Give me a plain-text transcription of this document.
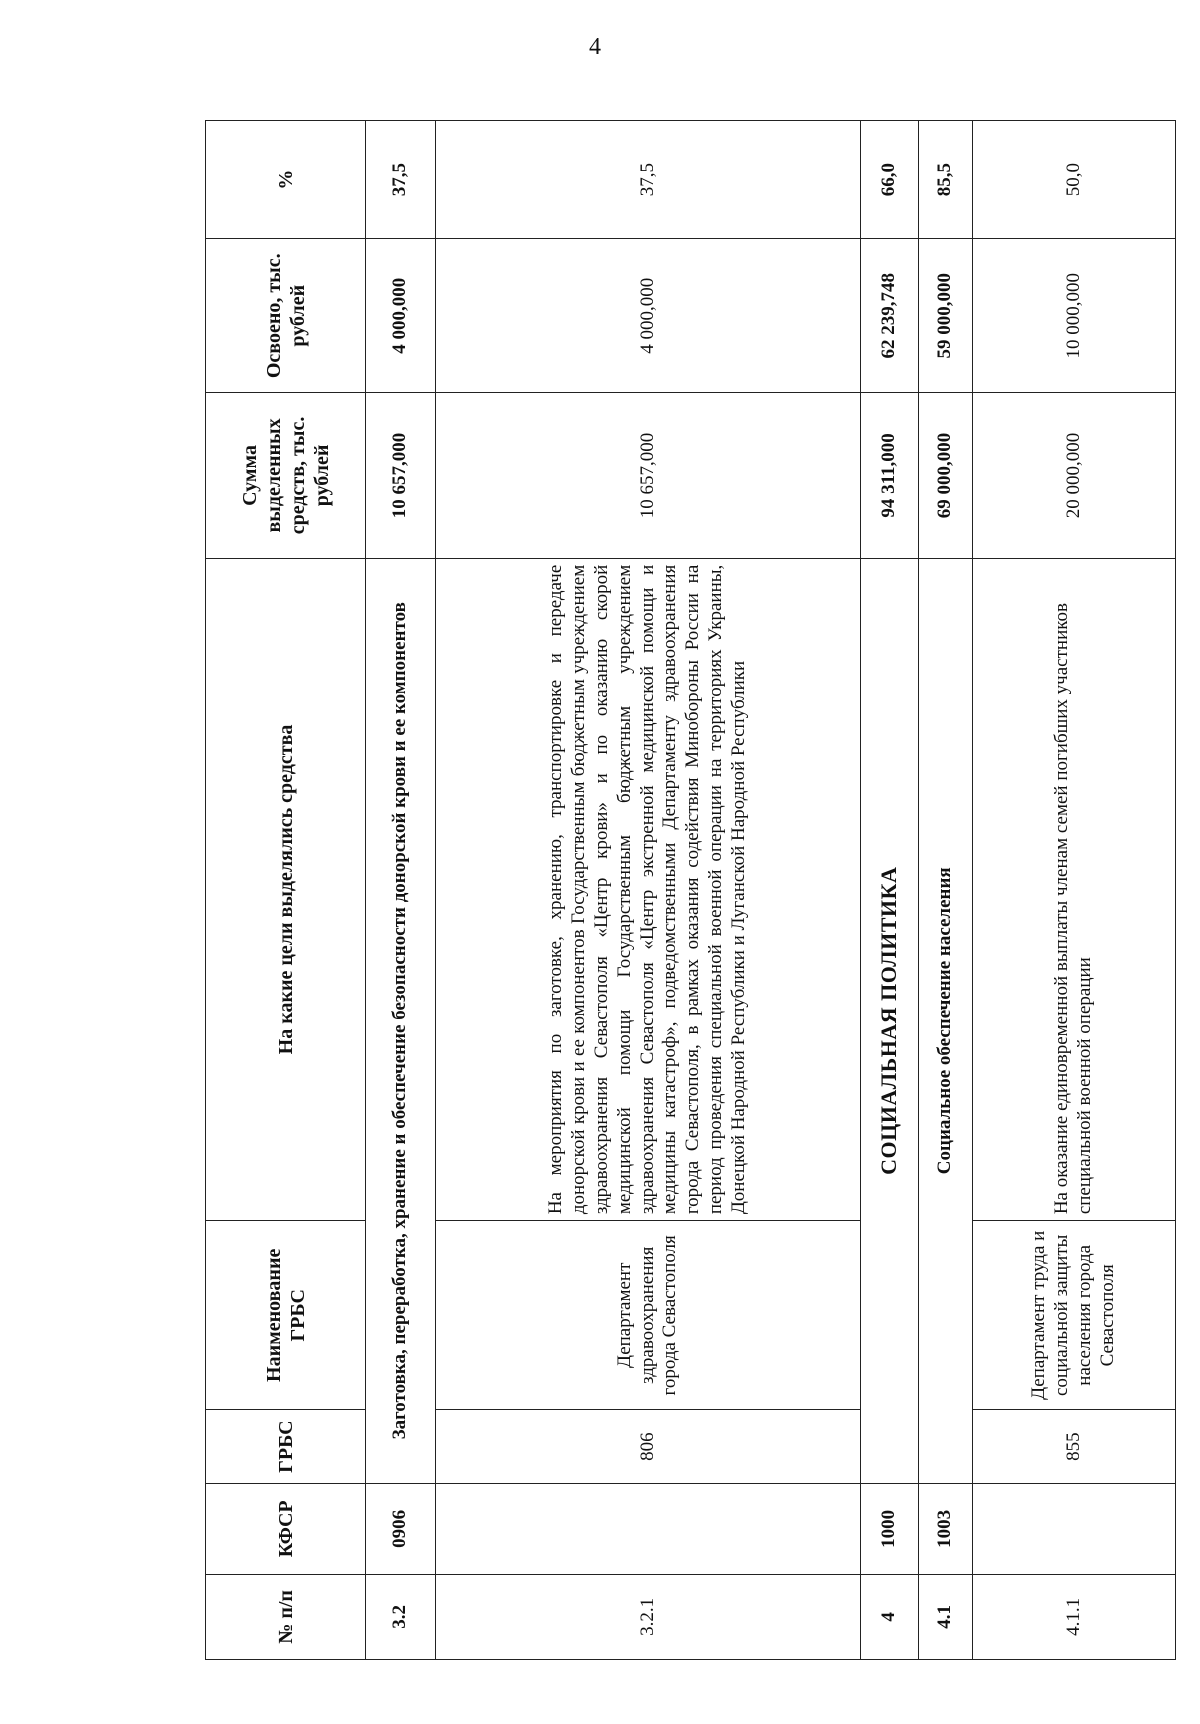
4
№ п/п	КФСР	ГРБС	Наименование ГРБС	На какие цели выделялись средства	Сумма выделенных средств, тыс. рублей	Освоено, тыс. рублей	%
3.2	0906	Заготовка, переработка, хранение и обеспечение безопасности донорской крови и ее компонентов			10 657,000	4 000,000	37,5
3.2.1		806	Департамент здравоохранения города Севастополя	На мероприятия по заготовке, хранению, транспортировке и передаче донорской крови и ее компонентов Государственным бюджетным учреждением здравоохранения Севастополя «Центр крови» и по оказанию скорой медицинской помощи Государственным бюджетным учреждением здравоохранения Севастополя «Центр экстренной медицинской помощи и медицины катастроф», подведомственными Департаменту здравоохранения города Севастополя, в рамках оказания содействия Минобороны России на период проведения специальной военной операции на территориях Украины, Донецкой Народной Республики и Луганской Народной Республики	10 657,000	4 000,000	37,5
4	1000	СОЦИАЛЬНАЯ ПОЛИТИКА			94 311,000	62 239,748	66,0
4.1	1003	Социальное обеспечение населения			69 000,000	59 000,000	85,5
4.1.1		855	Департамент труда и социальной защиты населения города Севастополя	На оказание единовременной выплаты членам семей погибших участников специальной военной операции	20 000,000	10 000,000	50,0
